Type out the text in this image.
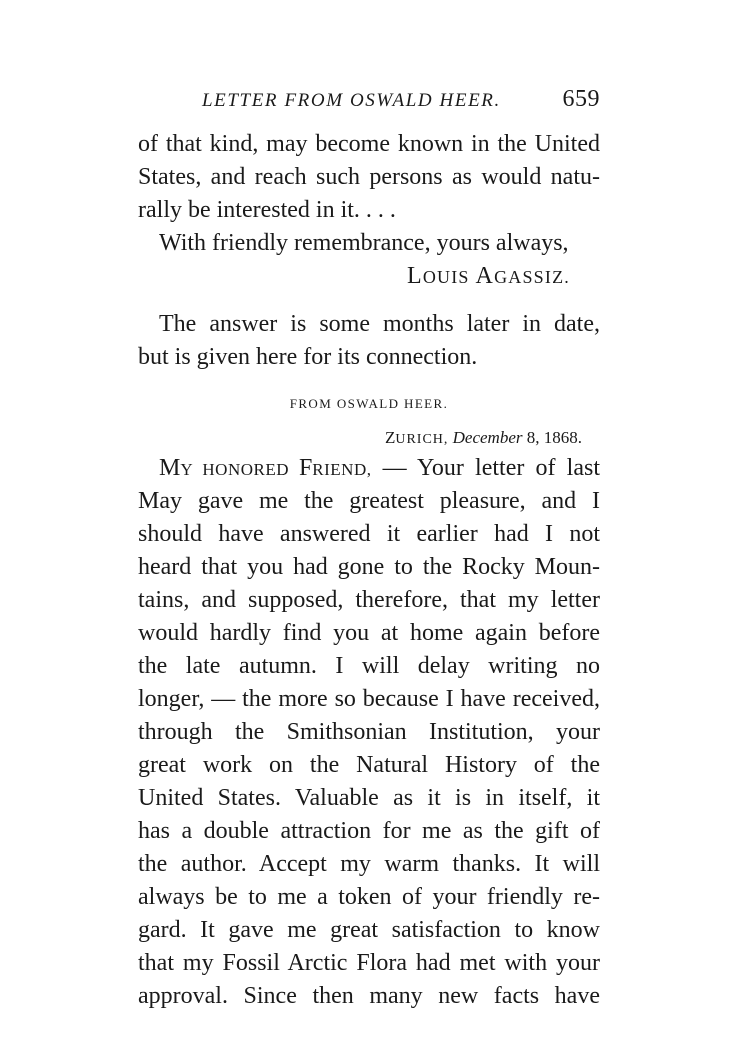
LETTER FROM OSWALD HEER.	659
of that kind, may become known in the United
States, and reach such persons as would natu-
rally be interested in it. . . .
With friendly remembrance, yours always,
LOUIS AGASSIZ.
The answer is some months later in date,
but is given here for its connection.
FROM OSWALD HEER.
ZURICH, December 8, 1868.
MY HONORED FRIEND, — Your letter of last
May gave me the greatest pleasure, and I
should have answered it earlier had I not
heard that you had gone to the Rocky Moun-
tains, and supposed, therefore, that my letter
would hardly find you at home again before
the late autumn. I will delay writing no
longer, — the more so because I have received,
through the Smithsonian Institution, your
great work on the Natural History of the
United States. Valuable as it is in itself, it
has a double attraction for me as the gift of
the author. Accept my warm thanks. It will
always be to me a token of your friendly re-
gard. It gave me great satisfaction to know
that my Fossil Arctic Flora had met with your
approval. Since then many new facts have
